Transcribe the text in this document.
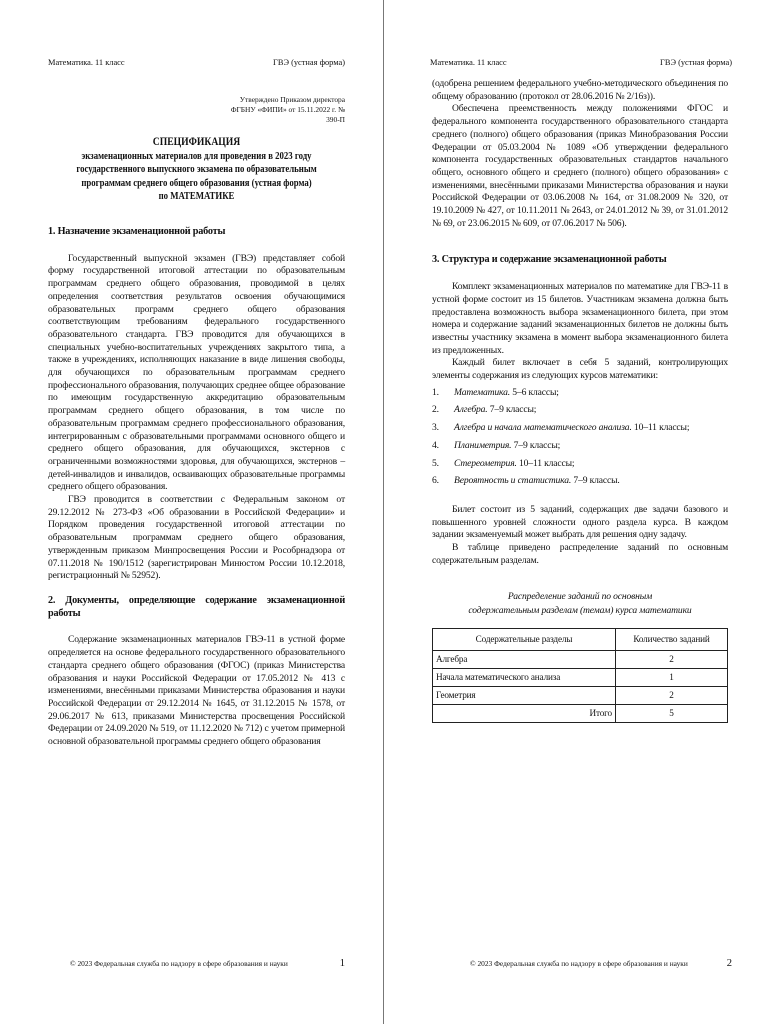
Математика. 11 класс	ГВЭ (устная форма)
Утверждено Приказом директора ФГБНУ «ФИПИ» от 15.11.2022 г. № 390-П
СПЕЦИФИКАЦИЯ
экзаменационных материалов для проведения в 2023 году
государственного выпускного экзамена по образовательным
программам среднего общего образования (устная форма)
по МАТЕМАТИКЕ
1. Назначение экзаменационной работы

Государственный выпускной экзамен (ГВЭ) представляет собой форму государственной итоговой аттестации по образовательным программам среднего общего образования, проводимой в целях определения соответствия результатов освоения обучающимися образовательных программ среднего общего образования соответствующим требованиям федерального государственного образовательного стандарта. ГВЭ проводится для обучающихся в специальных учебно-воспитательных учреждениях закрытого типа, а также в учреждениях, исполняющих наказание в виде лишения свободы, для обучающихся по образовательным программам среднего профессионального образования, получающих среднее общее образование по имеющим государственную аккредитацию образовательным программам среднего общего образования, в том числе по образовательным программам среднего профессионального образования, интегрированным с образовательными программами основного общего и среднего общего образования, для обучающихся, экстернов с ограниченными возможностями здоровья, для обучающихся, экстернов – детей-инвалидов и инвалидов, осваивающих образовательные программы среднего общего образования.

ГВЭ проводится в соответствии с Федеральным законом от 29.12.2012 № 273-ФЗ «Об образовании в Российской Федерации» и Порядком проведения государственной итоговой аттестации по образовательным программам среднего общего образования, утвержденным приказом Минпросвещения России и Рособрнадзора от 07.11.2018 № 190/1512 (зарегистрирован Минюстом России 10.12.2018, регистрационный № 52952).

2. Документы, определяющие содержание экзаменационной работы

Содержание экзаменационных материалов ГВЭ-11 в устной форме определяется на основе федерального государственного образовательного стандарта среднего общего образования (ФГОС) (приказ Министерства образования и науки Российской Федерации от 17.05.2012 № 413 с изменениями, внесёнными приказами Министерства образования и науки Российской Федерации от 29.12.2014 № 1645, от 31.12.2015 № 1578, от 29.06.2017 № 613, приказами Министерства просвещения Российской Федерации от 24.09.2020 № 519, от 11.12.2020 № 712) с учетом примерной основной образовательной программы среднего общего образования

© 2023 Федеральная служба по надзору в сфере образования и науки	1
Математика. 11 класс	ГВЭ (устная форма)

(одобрена решением федерального учебно-методического объединения по общему образованию (протокол от 28.06.2016 № 2/16з)).

Обеспечена преемственность между положениями ФГОС и федерального компонента государственного образовательного стандарта среднего (полного) общего образования (приказ Минобразования России Федерации от 05.03.2004 № 1089 «Об утверждении федерального компонента государственных образовательных стандартов начального общего, основного общего и среднего (полного) общего образования» с изменениями, внесёнными приказами Министерства образования и науки Российской Федерации от 03.06.2008 № 164, от 31.08.2009 № 320, от 19.10.2009 № 427, от 10.11.2011 № 2643, от 24.01.2012 № 39, от 31.01.2012 № 69, от 23.06.2015 № 609, от 07.06.2017 № 506).

3. Структура и содержание экзаменационной работы

Комплект экзаменационных материалов по математике для ГВЭ-11 в устной форме состоит из 15 билетов. Участникам экзамена должна быть предоставлена возможность выбора экзаменационного билета, при этом номера и содержание заданий экзаменационных билетов не должны быть известны участнику экзамена в момент выбора экзаменационного билета из предложенных.

Каждый билет включает в себя 5 заданий, контролирующих элементы содержания из следующих курсов математики:

1.	Математика. 5–6 классы;
2.	Алгебра. 7–9 классы;
3.	Алгебра и начала математического анализа. 10–11 классы;
4.	Планиметрия. 7–9 классы;
5.	Стереометрия. 10–11 классы;
6.	Вероятность и статистика. 7–9 классы.

Билет состоит из 5 заданий, содержащих две задачи базового и повышенного уровней сложности одного раздела курса. В каждом задании экзаменуемый может выбрать для решения одну задачу.

В таблице приведено распределение заданий по основным содержательным разделам.

Распределение заданий по основным
содержательным разделам (темам) курса математики
Содержательные разделы	Количество заданий
Алгебра	2
Начала математического анализа	1
Геометрия	2
Итого	5
© 2023 Федеральная служба по надзору в сфере образования и науки	2
